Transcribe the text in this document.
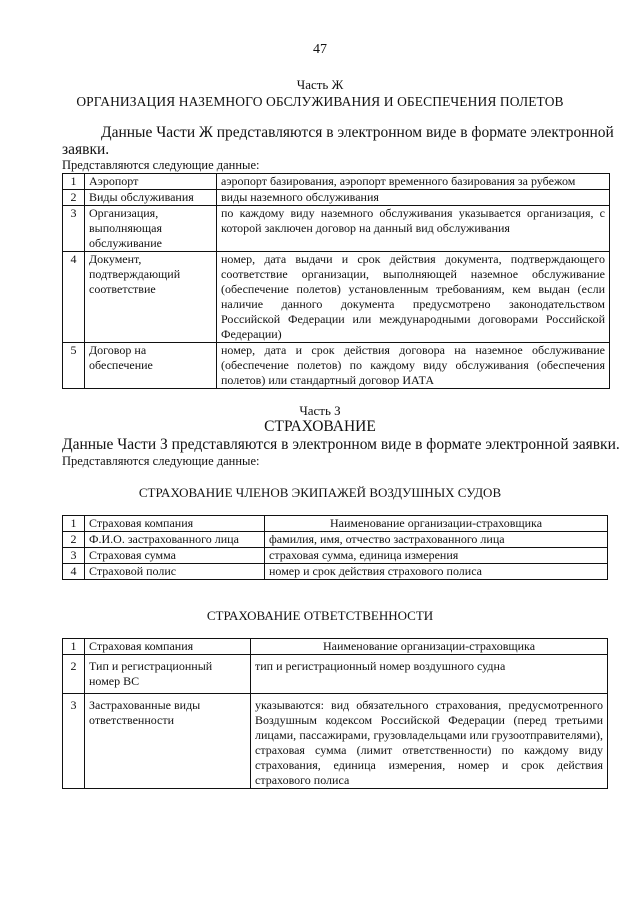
47
Часть Ж
ОРГАНИЗАЦИЯ НАЗЕМНОГО ОБСЛУЖИВАНИЯ И ОБЕСПЕЧЕНИЯ ПОЛЕТОВ
Данные Части Ж представляются в электронном виде в формате электронной
заявки.
Представляются следующие данные:
1	Аэропорт	аэропорт базирования, аэропорт временного базирования за рубежом
2	Виды обслуживания	виды наземного обслуживания
3	Организация, выполняющая обслуживание	по каждому виду наземного обслуживания указывается организация, с которой заключен договор на данный вид обслуживания
4	Документ, подтверждающий соответствие	номер, дата выдачи и срок действия документа, подтверждающего соответствие организации, выполняющей наземное обслуживание (обеспечение полетов) установленным требованиям, кем выдан (если наличие данного документа предусмотрено законодательством Российской Федерации или международными договорами Российской Федерации)
5	Договор на обеспечение	номер, дата и срок действия договора на наземное обслуживание (обеспечение полетов) по каждому виду обслуживания (обеспечения полетов) или стандартный договор ИАТА
Часть З
СТРАХОВАНИЕ
Данные Части З представляются в электронном виде в формате электронной заявки.
Представляются следующие данные:
СТРАХОВАНИЕ ЧЛЕНОВ ЭКИПАЖЕЙ ВОЗДУШНЫХ СУДОВ
1	Страховая компания	Наименование организации-страховщика
2	Ф.И.О. застрахованного лица	фамилия, имя, отчество застрахованного лица
3	Страховая сумма	страховая сумма, единица измерения
4	Страховой полис	номер и срок действия страхового полиса
СТРАХОВАНИЕ ОТВЕТСТВЕННОСТИ
1	Страховая компания	Наименование организации-страховщика
2	Тип и регистрационный номер ВС	тип и регистрационный номер воздушного судна
3	Застрахованные виды ответственности	указываются: вид обязательного страхования, предусмотренного Воздушным кодексом Российской Федерации (перед третьими лицами, пассажирами, грузовладельцами или грузоотправителями), страховая сумма (лимит ответственности) по каждому виду страхования, единица измерения, номер и срок действия страхового полиса
